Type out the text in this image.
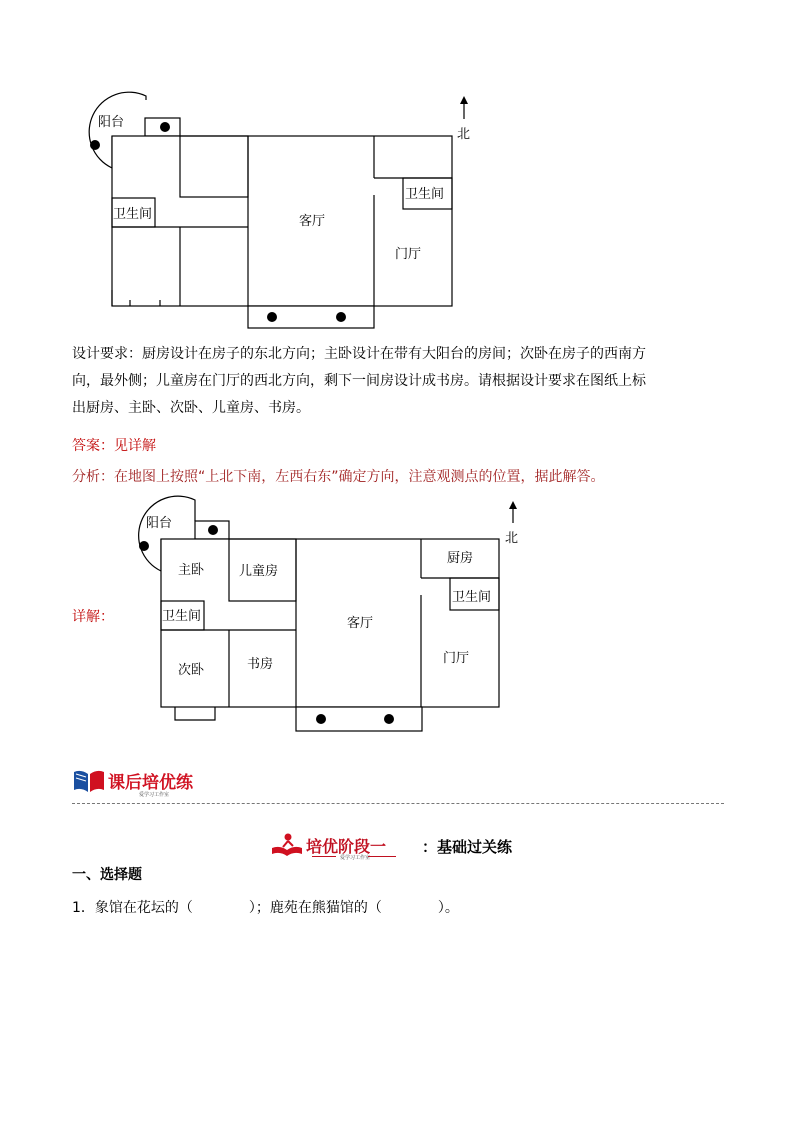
北
阳台
卫生间	客厅
卫生间
门厅
设计要求：厨房设计在房子的东北方向；主卧设计在带有大阳台的房间；次卧在房子的西南方
向，最外侧；儿童房在门厅的西北方向，剩下一间房设计成书房。请根据设计要求在图纸上标
出厨房、主卧、次卧、儿童房、书房。
答案：见详解
分析：在地图上按照“上北下南，左西右东”确定方向，注意观测点的位置，据此解答。
详解：
北
阳台
主卧	儿童房
厨房
卫生间
卫生间
客厅
次卧	书房	门厅
课后培优练
爱学习工作室
培优阶段一
爱学习工作室
：基础过关练
一、选择题
1．象馆在花坛的（　　　　）；鹿苑在熊猫馆的（　　　　）。
